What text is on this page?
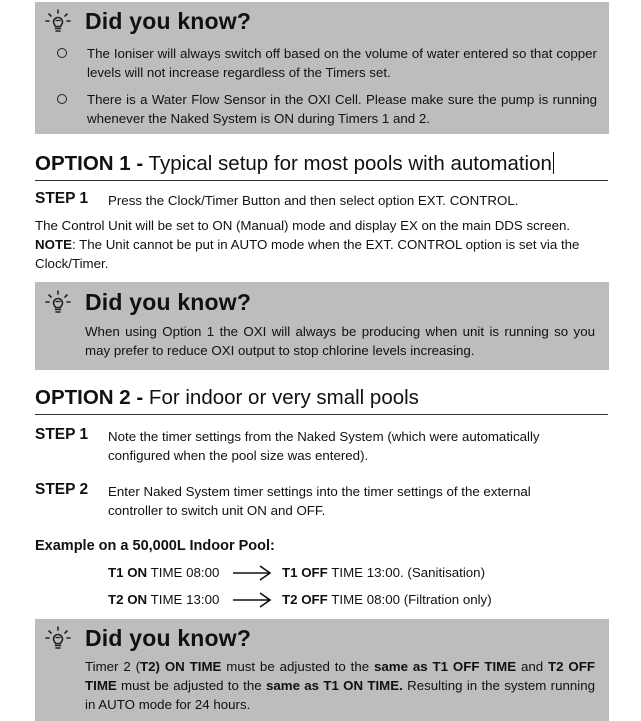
Did you know?
The Ioniser will always switch off based on the volume of water entered so that copper levels will not increase regardless of the Timers set.
There is a Water Flow Sensor in the OXI Cell. Please make sure the pump is running whenever the Naked System is ON during Timers 1 and 2.
OPTION 1 - Typical setup for most pools with automation
STEP 1 Press the Clock/Timer Button and then select option EXT. CONTROL.
The Control Unit will be set to ON (Manual) mode and display EX on the main DDS screen.
NOTE: The Unit cannot be put in AUTO mode when the EXT. CONTROL option is set via the Clock/Timer.
Did you know?
When using Option 1 the OXI will always be producing when unit is running so you may prefer to reduce OXI output to stop chlorine levels increasing.
OPTION 2 - For indoor or very small pools
STEP 1 Note the timer settings from the Naked System (which were automatically configured when the pool size was entered).
STEP 2 Enter Naked System timer settings into the timer settings of the external controller to switch unit ON and OFF.
Example on a 50,000L Indoor Pool:
T1 ON TIME 08:00	T1 OFF TIME 13:00. (Sanitisation)
T2 ON TIME 13:00	T2 OFF TIME 08:00 (Filtration only)
Did you know?
Timer 2 (T2) ON TIME must be adjusted to the same as T1 OFF TIME and T2 OFF TIME must be adjusted to the same as T1 ON TIME. Resulting in the system running in AUTO mode for 24 hours.
